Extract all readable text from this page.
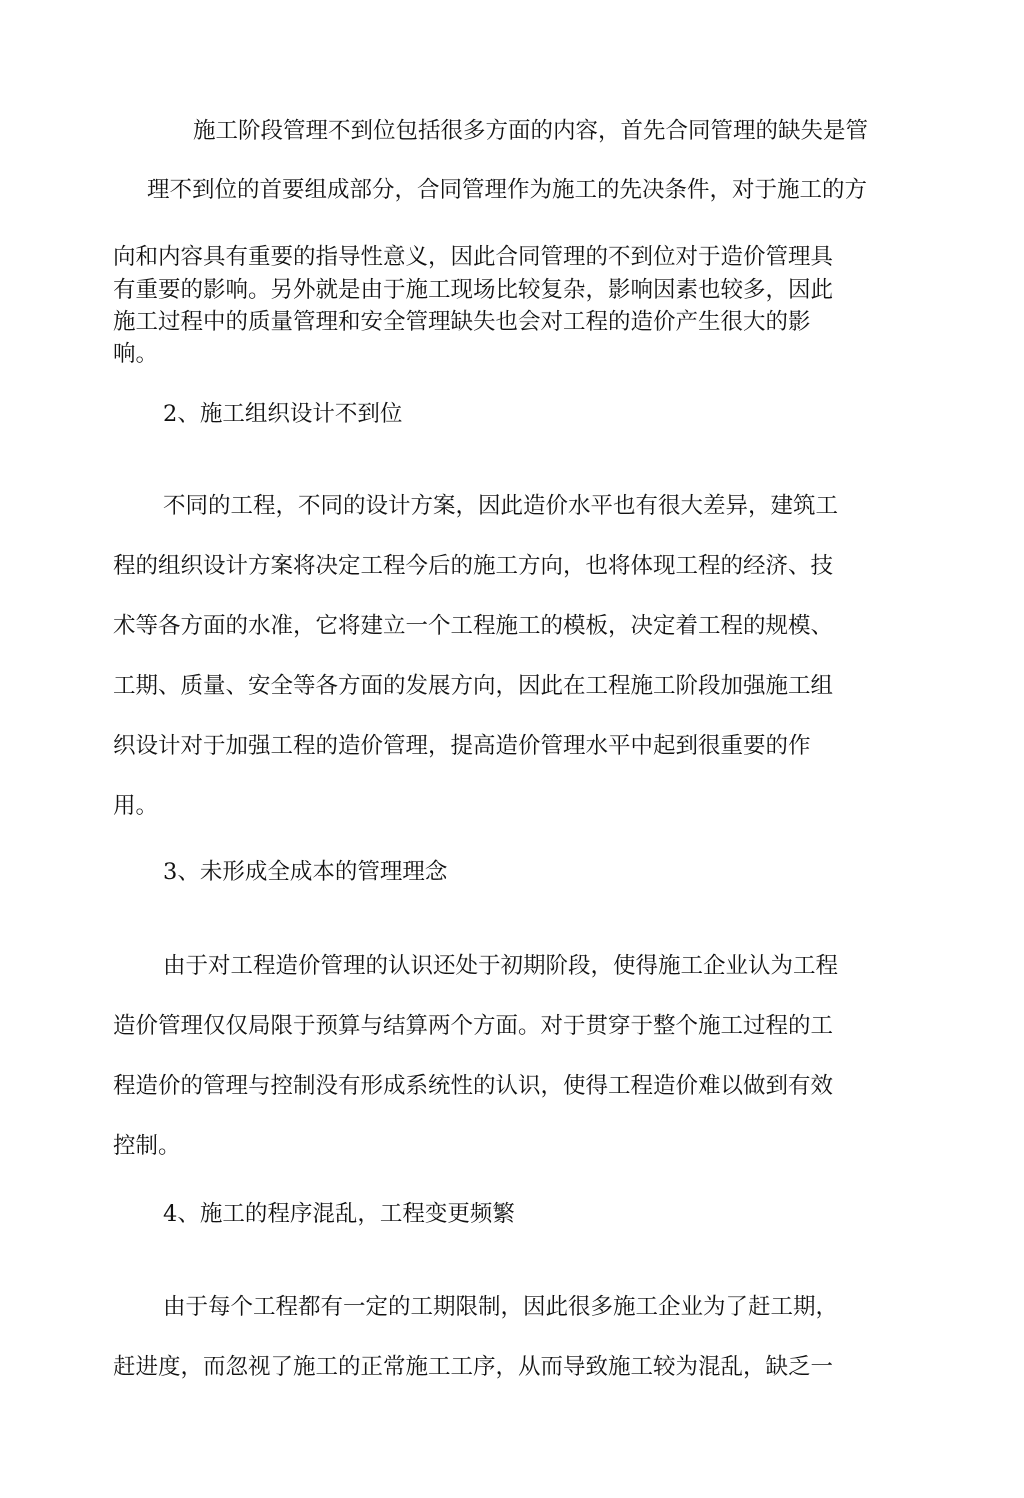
施工阶段管理不到位包括很多方面的内容，首先合同管理的缺失是管
理不到位的首要组成部分，合同管理作为施工的先决条件，对于施工的方
向和内容具有重要的指导性意义，因此合同管理的不到位对于造价管理具
有重要的影响。另外就是由于施工现场比较复杂，影响因素也较多，因此
施工过程中的质量管理和安全管理缺失也会对工程的造价产生很大的影
响。
2、施工组织设计不到位
不同的工程，不同的设计方案，因此造价水平也有很大差异，建筑工
程的组织设计方案将决定工程今后的施工方向，也将体现工程的经济、技
术等各方面的水准，它将建立一个工程施工的模板，决定着工程的规模、
工期、质量、安全等各方面的发展方向，因此在工程施工阶段加强施工组
织设计对于加强工程的造价管理，提高造价管理水平中起到很重要的作
用。
3、未形成全成本的管理理念
由于对工程造价管理的认识还处于初期阶段，使得施工企业认为工程
造价管理仅仅局限于预算与结算两个方面。对于贯穿于整个施工过程的工
程造价的管理与控制没有形成系统性的认识，使得工程造价难以做到有效
控制。
4、施工的程序混乱，工程变更频繁
由于每个工程都有一定的工期限制，因此很多施工企业为了赶工期，
赶进度，而忽视了施工的正常施工工序，从而导致施工较为混乱，缺乏一
